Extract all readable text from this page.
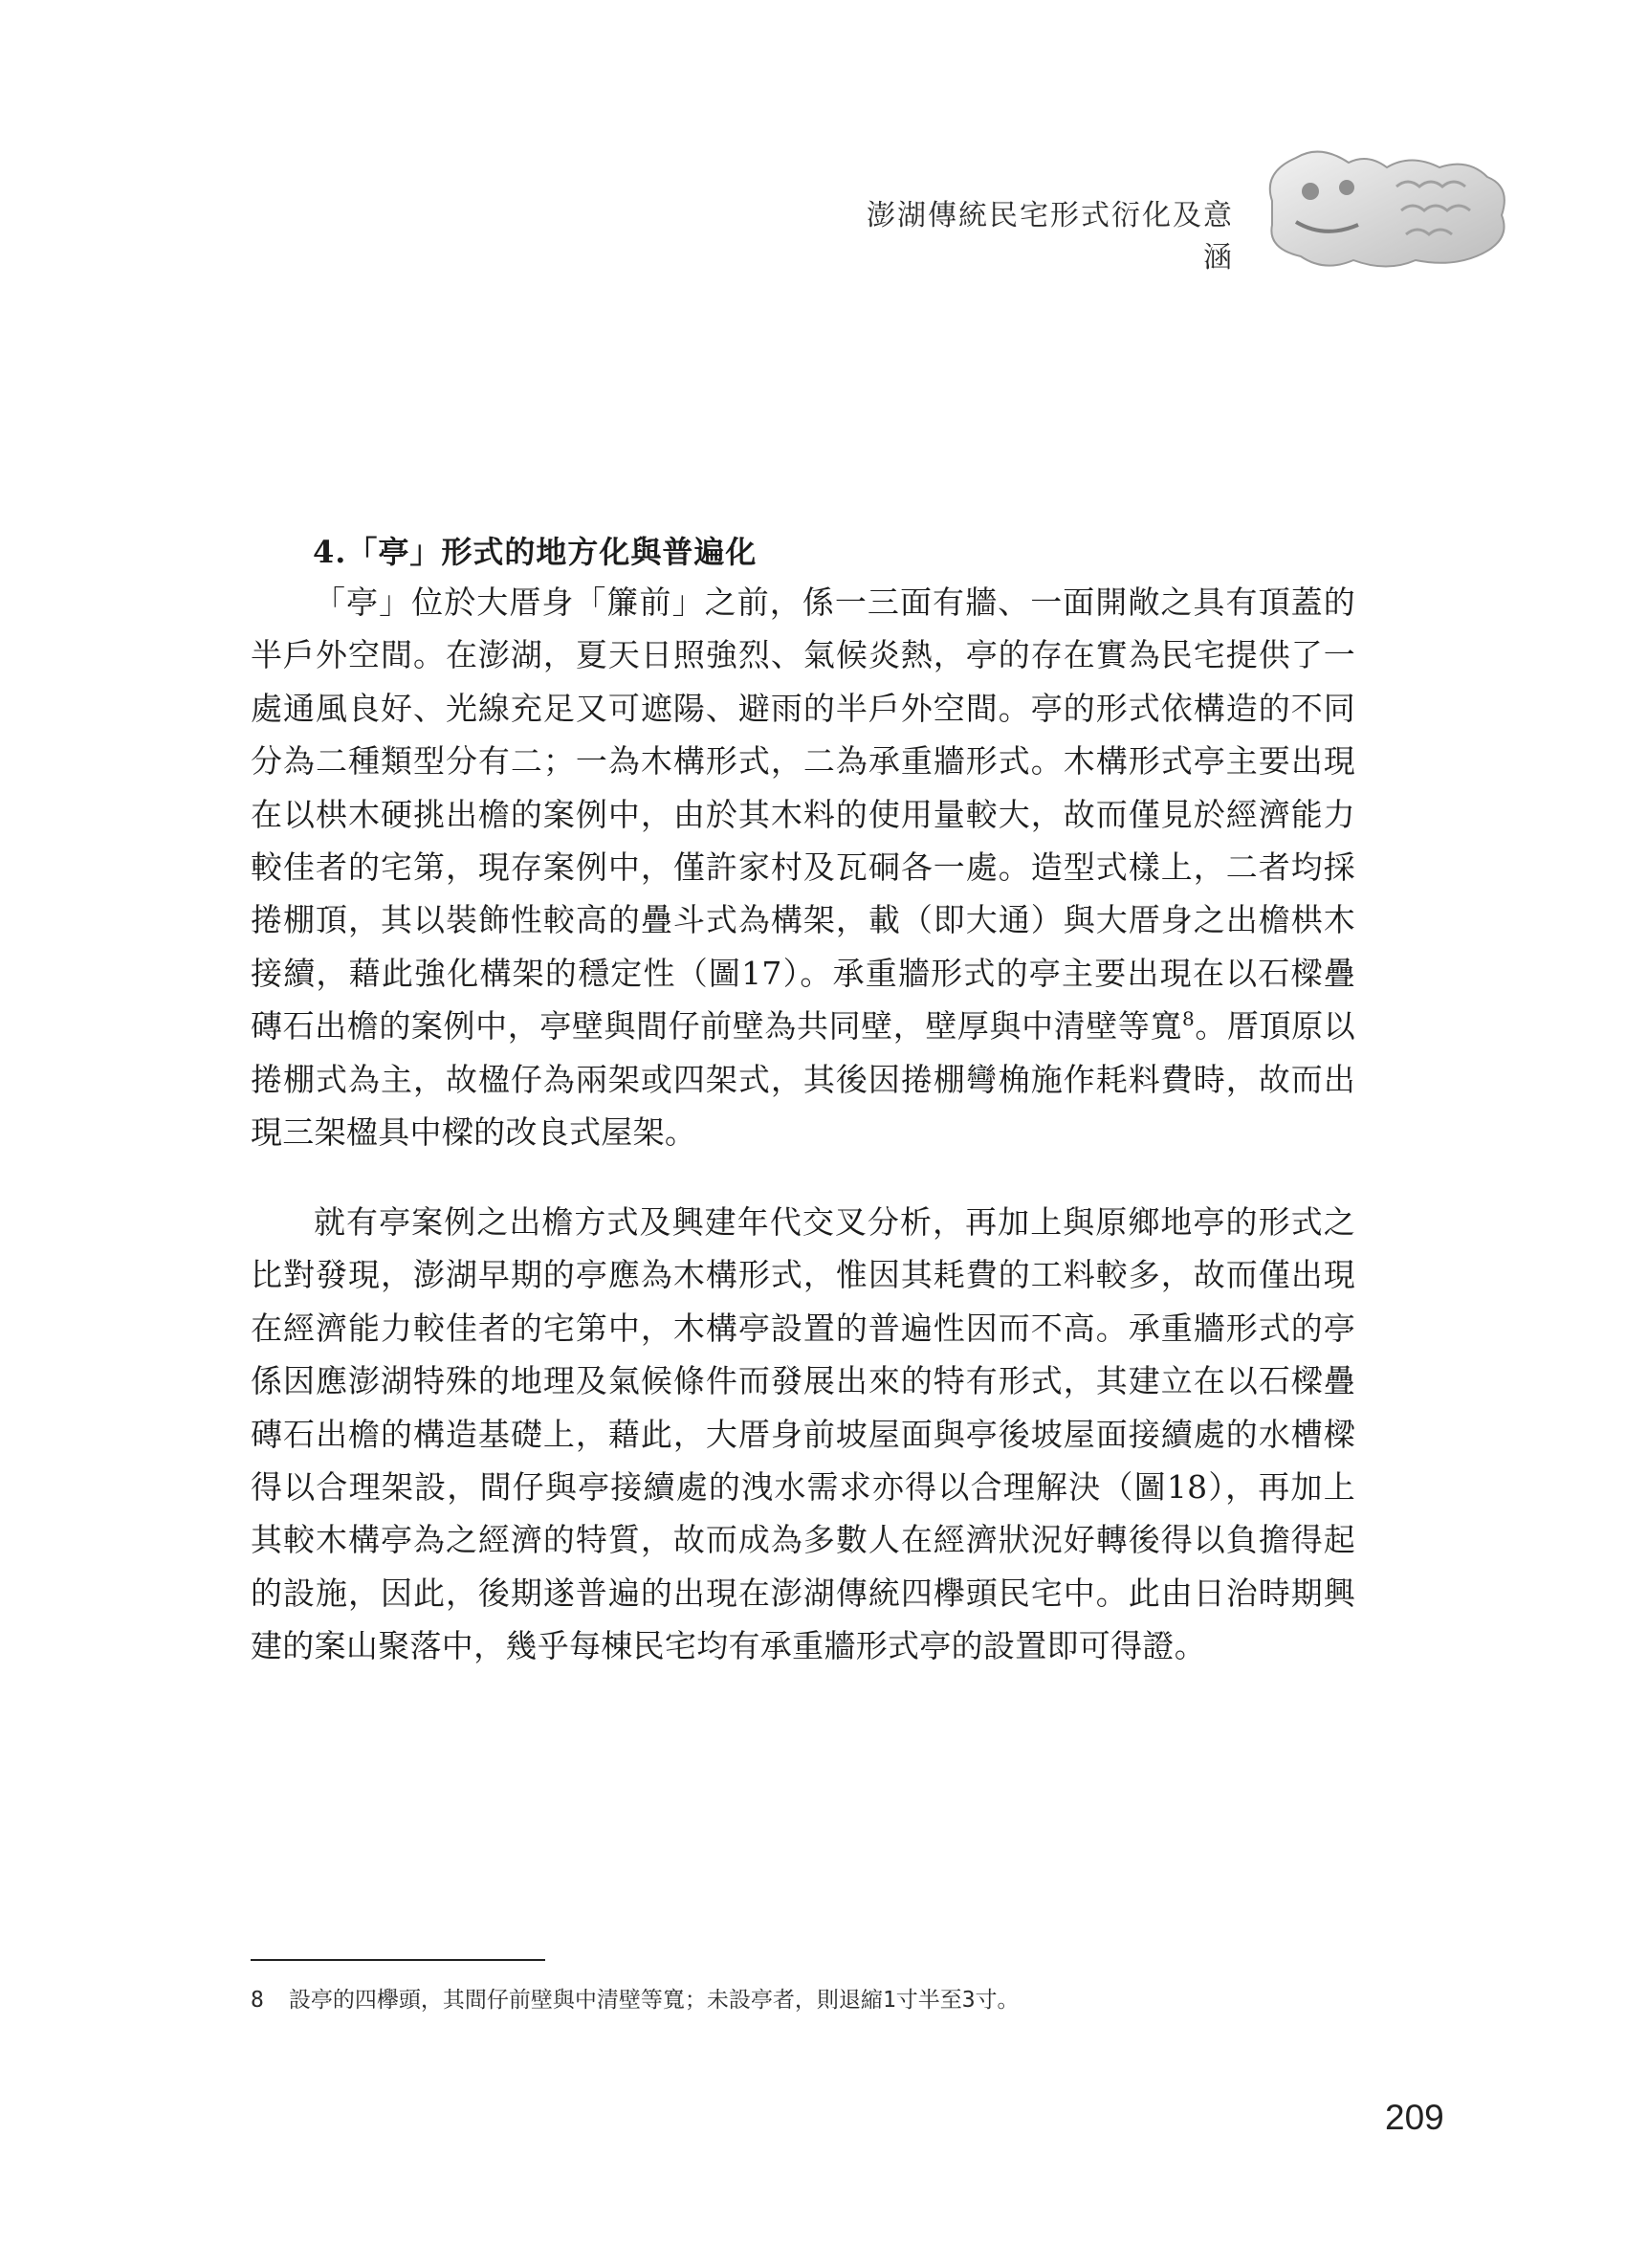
澎湖傳統民宅形式衍化及意涵
4.「亭」形式的地方化與普遍化
「亭」位於大厝身「簾前」之前，係一三面有牆、一面開敞之具有頂蓋的半戶外空間。在澎湖，夏天日照強烈、氣候炎熱，亭的存在實為民宅提供了一處通風良好、光線充足又可遮陽、避雨的半戶外空間。亭的形式依構造的不同分為二種類型分有二；一為木構形式，二為承重牆形式。木構形式亭主要出現在以栱木硬挑出檐的案例中，由於其木料的使用量較大，故而僅見於經濟能力較佳者的宅第，現存案例中，僅許家村及瓦硐各一處。造型式樣上，二者均採捲棚頂，其以裝飾性較高的疊斗式為構架，載（即大通）與大厝身之出檐栱木接續，藉此強化構架的穩定性（圖17）。承重牆形式的亭主要出現在以石樑疊磚石出檐的案例中，亭壁與間仔前壁為共同壁，壁厚與中清壁等寬$^8$。厝頂原以捲棚式為主，故楹仔為兩架或四架式，其後因捲棚彎桷施作耗料費時，故而出現三架楹具中樑的改良式屋架。
就有亭案例之出檐方式及興建年代交叉分析，再加上與原鄉地亭的形式之比對發現，澎湖早期的亭應為木構形式，惟因其耗費的工料較多，故而僅出現在經濟能力較佳者的宅第中，木構亭設置的普遍性因而不高。承重牆形式的亭係因應澎湖特殊的地理及氣候條件而發展出來的特有形式，其建立在以石樑疊磚石出檐的構造基礎上，藉此，大厝身前坡屋面與亭後坡屋面接續處的水槽樑得以合理架設，間仔與亭接續處的洩水需求亦得以合理解決（圖18），再加上其較木構亭為之經濟的特質，故而成為多數人在經濟狀況好轉後得以負擔得起的設施，因此，後期遂普遍的出現在澎湖傳統四欅頭民宅中。此由日治時期興建的案山聚落中，幾乎每棟民宅均有承重牆形式亭的設置即可得證。
8 設亭的四欅頭，其間仔前壁與中清壁等寬；未設亭者，則退縮1寸半至3寸。
209
